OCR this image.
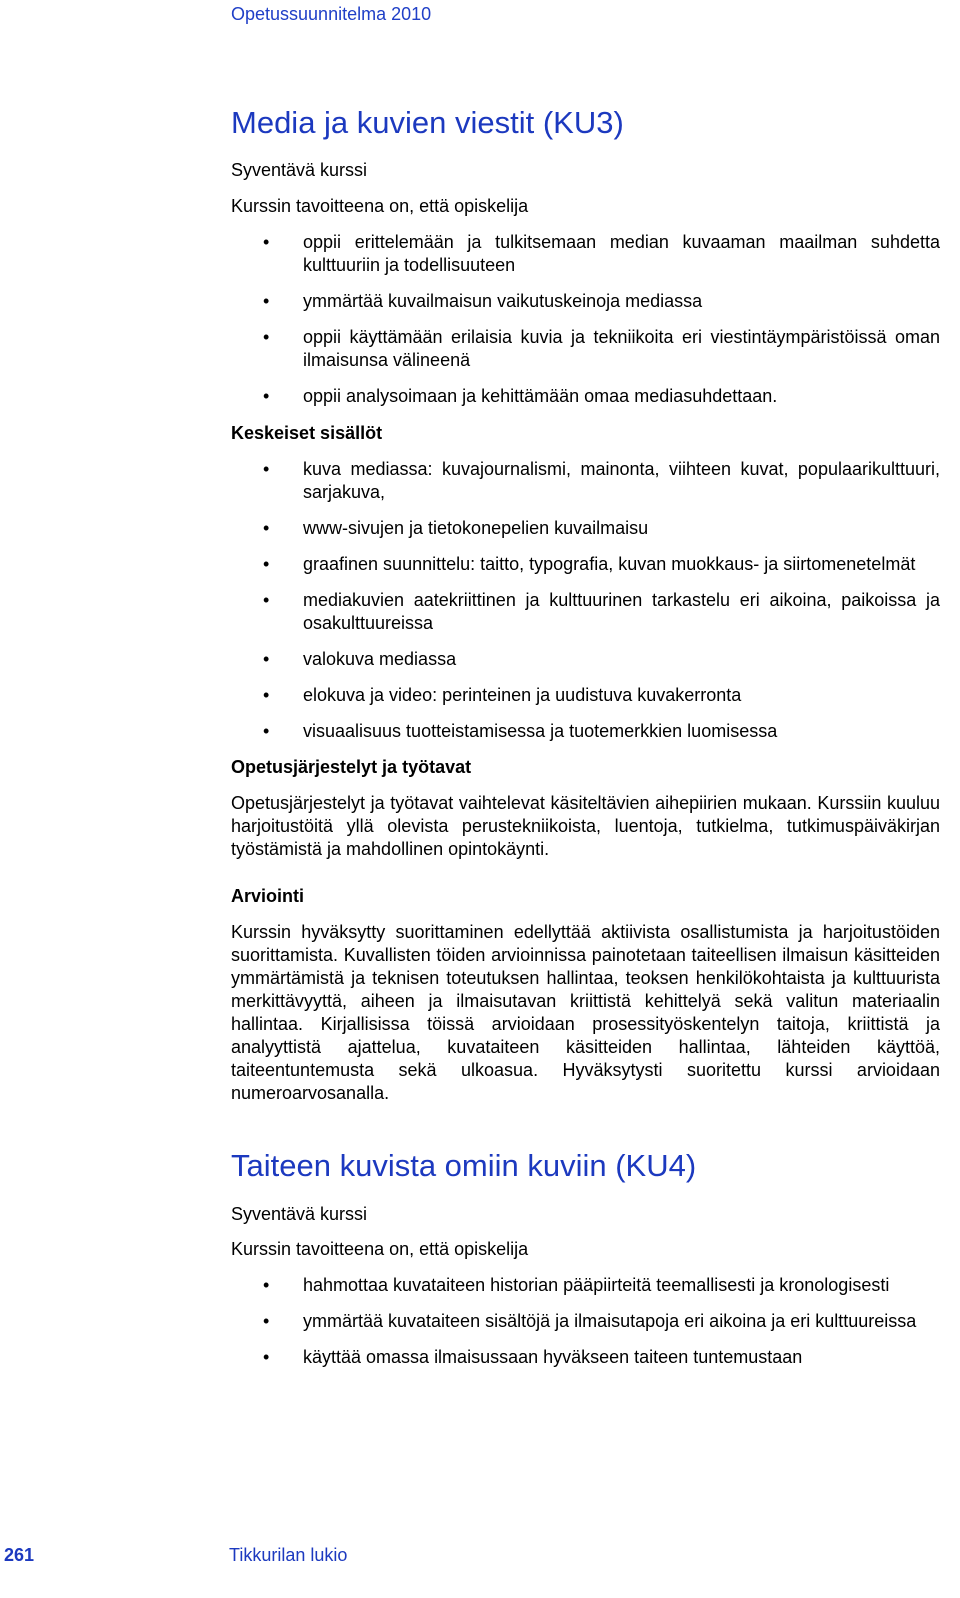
Opetussuunnitelma 2010
Media ja kuvien viestit (KU3)
Syventävä kurssi
Kurssin tavoitteena on, että opiskelija
• oppii erittelemään ja tulkitsemaan median kuvaaman maailman suhdetta kulttuuriin ja todellisuuteen
• ymmärtää kuvailmaisun vaikutuskeinoja mediassa
• oppii käyttämään erilaisia kuvia ja tekniikoita eri viestintäympäristöissä oman ilmaisunsa välineenä
• oppii analysoimaan ja kehittämään omaa mediasuhdettaan.
Keskeiset sisällöt
• kuva mediassa: kuvajournalismi, mainonta, viihteen kuvat, populaarikulttuuri, sarjakuva,
• www-sivujen ja tietokonepelien kuvailmaisu
• graafinen suunnittelu: taitto, typografia, kuvan muokkaus- ja siirtomenetelmät
• mediakuvien aatekriittinen ja kulttuurinen tarkastelu eri aikoina, paikoissa ja osakulttuureissa
• valokuva mediassa
• elokuva ja video: perinteinen ja uudistuva kuvakerronta
• visuaalisuus tuotteistamisessa ja tuotemerkkien luomisessa
Opetusjärjestelyt ja työtavat

Opetusjärjestelyt ja työtavat vaihtelevat käsiteltävien aihepiirien mukaan. Kurssiin kuuluu harjoitustöitä yllä olevista perustekniikoista, luentoja, tutkielma, tutkimuspäiväkirjan työstämistä ja mahdollinen opintokäynti.

Arviointi

Kurssin hyväksytty suorittaminen edellyttää aktiivista osallistumista ja harjoitustöiden suorittamista. Kuvallisten töiden arvioinnissa painotetaan taiteellisen ilmaisun käsitteiden ymmärtämistä ja teknisen toteutuksen hallintaa, teoksen henkilökohtaista ja kulttuurista merkittävyyttä, aiheen ja ilmaisutavan kriittistä kehittelyä sekä valitun materiaalin hallintaa. Kirjallisissa töissä arvioidaan prosessityöskentelyn taitoja, kriittistä ja analyyttistä ajattelua, kuvataiteen käsitteiden hallintaa, lähteiden käyttöä, taiteentuntemusta sekä ulkoasua. Hyväksytysti suoritettu kurssi arvioidaan numeroarvosanalla.

Taiteen kuvista omiin kuviin (KU4)
Syventävä kurssi
Kurssin tavoitteena on, että opiskelija
• hahmottaa kuvataiteen historian pääpiirteitä teemallisesti ja kronologisesti
• ymmärtää kuvataiteen sisältöjä ja ilmaisutapoja eri aikoina ja eri kulttuureissa
• käyttää omassa ilmaisussaan hyväkseen taiteen tuntemustaan
261	Tikkurilan lukio
